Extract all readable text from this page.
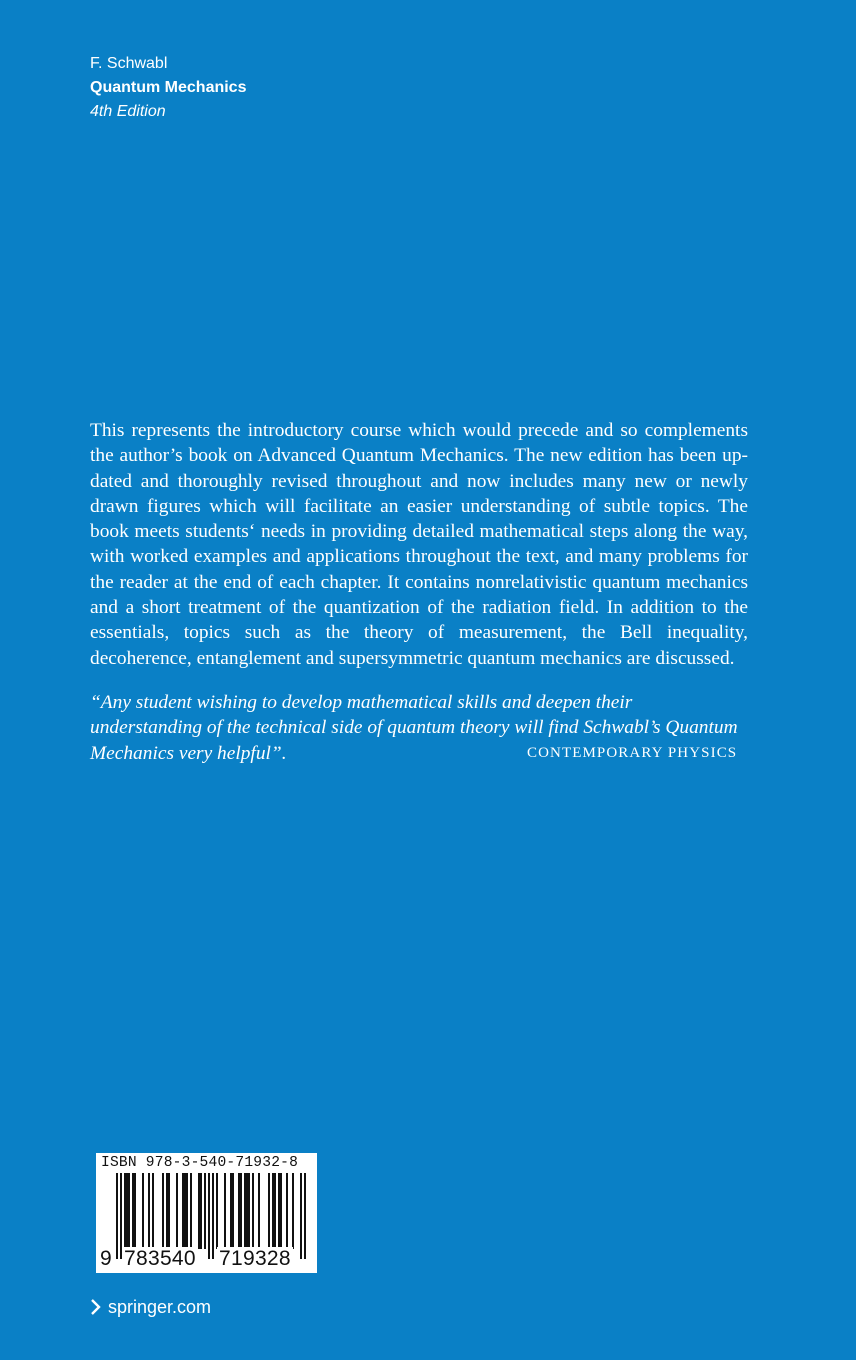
F. Schwabl
Quantum Mechanics
4th Edition

This represents the introductory course which would precede and so complements the author’s book on Advanced Quantum Mechanics. The new edition has been up-dated and thoroughly revised throughout and now includes many new or newly drawn figures which will facilitate an easier understanding of subtle topics. The book meets students‘ needs in providing detailed mathematical steps along the way, with worked examples and applications throughout the text, and many problems for the reader at the end of each chapter. It contains nonrelativistic quantum mechanics and a short treatment of the quantization of the radiation field. In addition to the essentials, topics such as the theory of measurement, the Bell inequality, decoherence, entanglement and supersymmetric quantum mechanics are discussed.

“Any student wishing to develop mathematical skills and deepen their understanding of the technical side of quantum theory will find Schwabl’s Quantum Mechanics very helpful”.	CONTEMPORARY PHYSICS
ISBN 978-3-540-71932-8
9 783540 719328
springer.com
